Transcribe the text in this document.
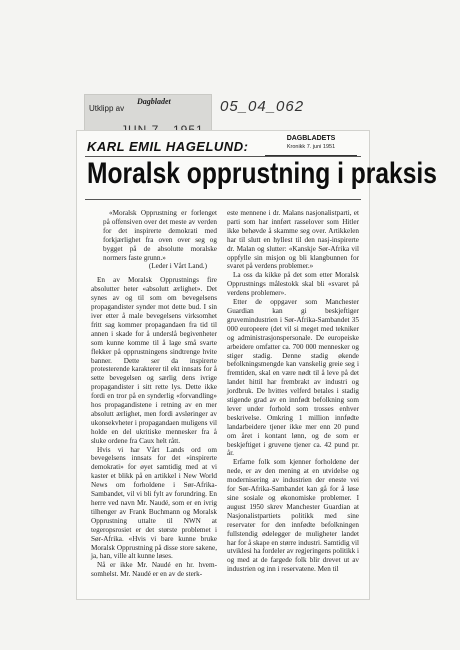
Utklipp av
Dagbladet	05_04_062
KARL EMIL HAGELUND:
DAGBLADETS
Kronikk 7. juni 1951
Moralsk opprustning i praksis

«Moralsk Opprustning er forlenget på offensiven over det meste av verden for det inspirerte demokrati med forkjærlighet fra oven over seg og bygget på de absolutte moralske normers faste grunn.»

(Leder i Vårt Land.)

En av Moralsk Opprustnings fire absolutter heter «absolutt ærlighet». Det synes av og til som om bevegelsens propagandister synder mot dette bud. I sin iver etter å male bevegelsens virksomhet fritt sag kommer propagandaen fra tid til annen i skade for å underslå begivenheter som kunne komme til å lage små svarte flekker på opprustningens sindtrenge hvite banner. Dette ser da inspirerte protesterende karakterer til ekt innsats for å sette bevegelsen og særlig dens ivrige propagandister i sitt rette lys. Dette ikke fordi en tror på en synderlig «forvandling» hos propagandistene i retning av en mer absolutt ærlighet, men fordi avsløringer av ukonsekvheter i propagandaen muligens vil holde en del ukritiske mennesker fra å sluke ordene fra Caux helt rått.

Hvis vi har Vårt Lands ord om bevegelsens innsats for det «inspirerte demokrati» for øyet samtidig med at vi kaster et blikk på en artikkel i New World News om forholdene i Sør-Afrika-Sambandet, vil vi bli fylt av forundring. En herre ved navn Mr. Naudé, som er en ivrig tilhenger av Frank Buchmann og Moralsk Opprustning uttalte til NWN at tegeropsrosiet er det største problemet i Sør-Afrika. «Hvis vi bare kunne bruke Moralsk Opprustning på disse store sakene, ja, han, ville alt kunne løses.

Nå er ikke Mr. Naudé en hr. hvem-somhelst. Mr. Naudé er en av de sterk-

este mennene i dr. Malans nasjonalistparti, et parti som har innført rasselover som Hitler ikke behøvde å skamme seg over. Artikkelen har til slutt en hyllest til den nasj-inspirerte dr. Malan og slutter: «Kanskje Sør-Afrika vil oppfylle sin misjon og bli klangbunnen for svaret på verdens problemer.»

La oss da kikke på det som etter Moralsk Opprustnings målestokk skal bli «svaret på verdens problemer».

Etter de oppgaver som Manchester Guardian kan gi beskjeftiger gruvemindustrien i Sør-Afrika-Sambandet 35 000 europeere (det vil si meget med tekniker og administrasjonspersonale. De europeiske arbeidere omfatter ca. 700 000 mennesker og stiger stadig. Denne stadig økende befolkningsmengde kan vanskelig greie seg i fremtiden, skal en være nødt til å leve på det landet hittil har frembrakt av industri og jordbruk. De hvittes velferd betales i stadig stigende grad av en innfødt befolkning som lever under forhold som trosses enhver beskrivelse. Omkring 1 million innfødte landarbeidere tjener ikke mer enn 20 pund om året i kontant lønn, og de som er beskjeftiget i gruvene tjener ca. 42 pund pr. år.

Erfarne folk som kjenner forholdene der nede, er av den mening at en utvidelse og modernisering av industrien der eneste vei for Sør-Afrika-Sambandet kan gå for å løse sine sosiale og økonomiske problemer. I august 1950 skrev Manchester Guardian at Nasjonalistpartiets politikk med sine reservater for den innfødte befolkningen fullstendig ødelegger de muligheter landet har for å skape en større industri. Samtidig vil utviklesi ha fordeler av regjeringens politikk i og med at de fargede folk blir drevet ut av industrien og inn i reservatene. Men til
